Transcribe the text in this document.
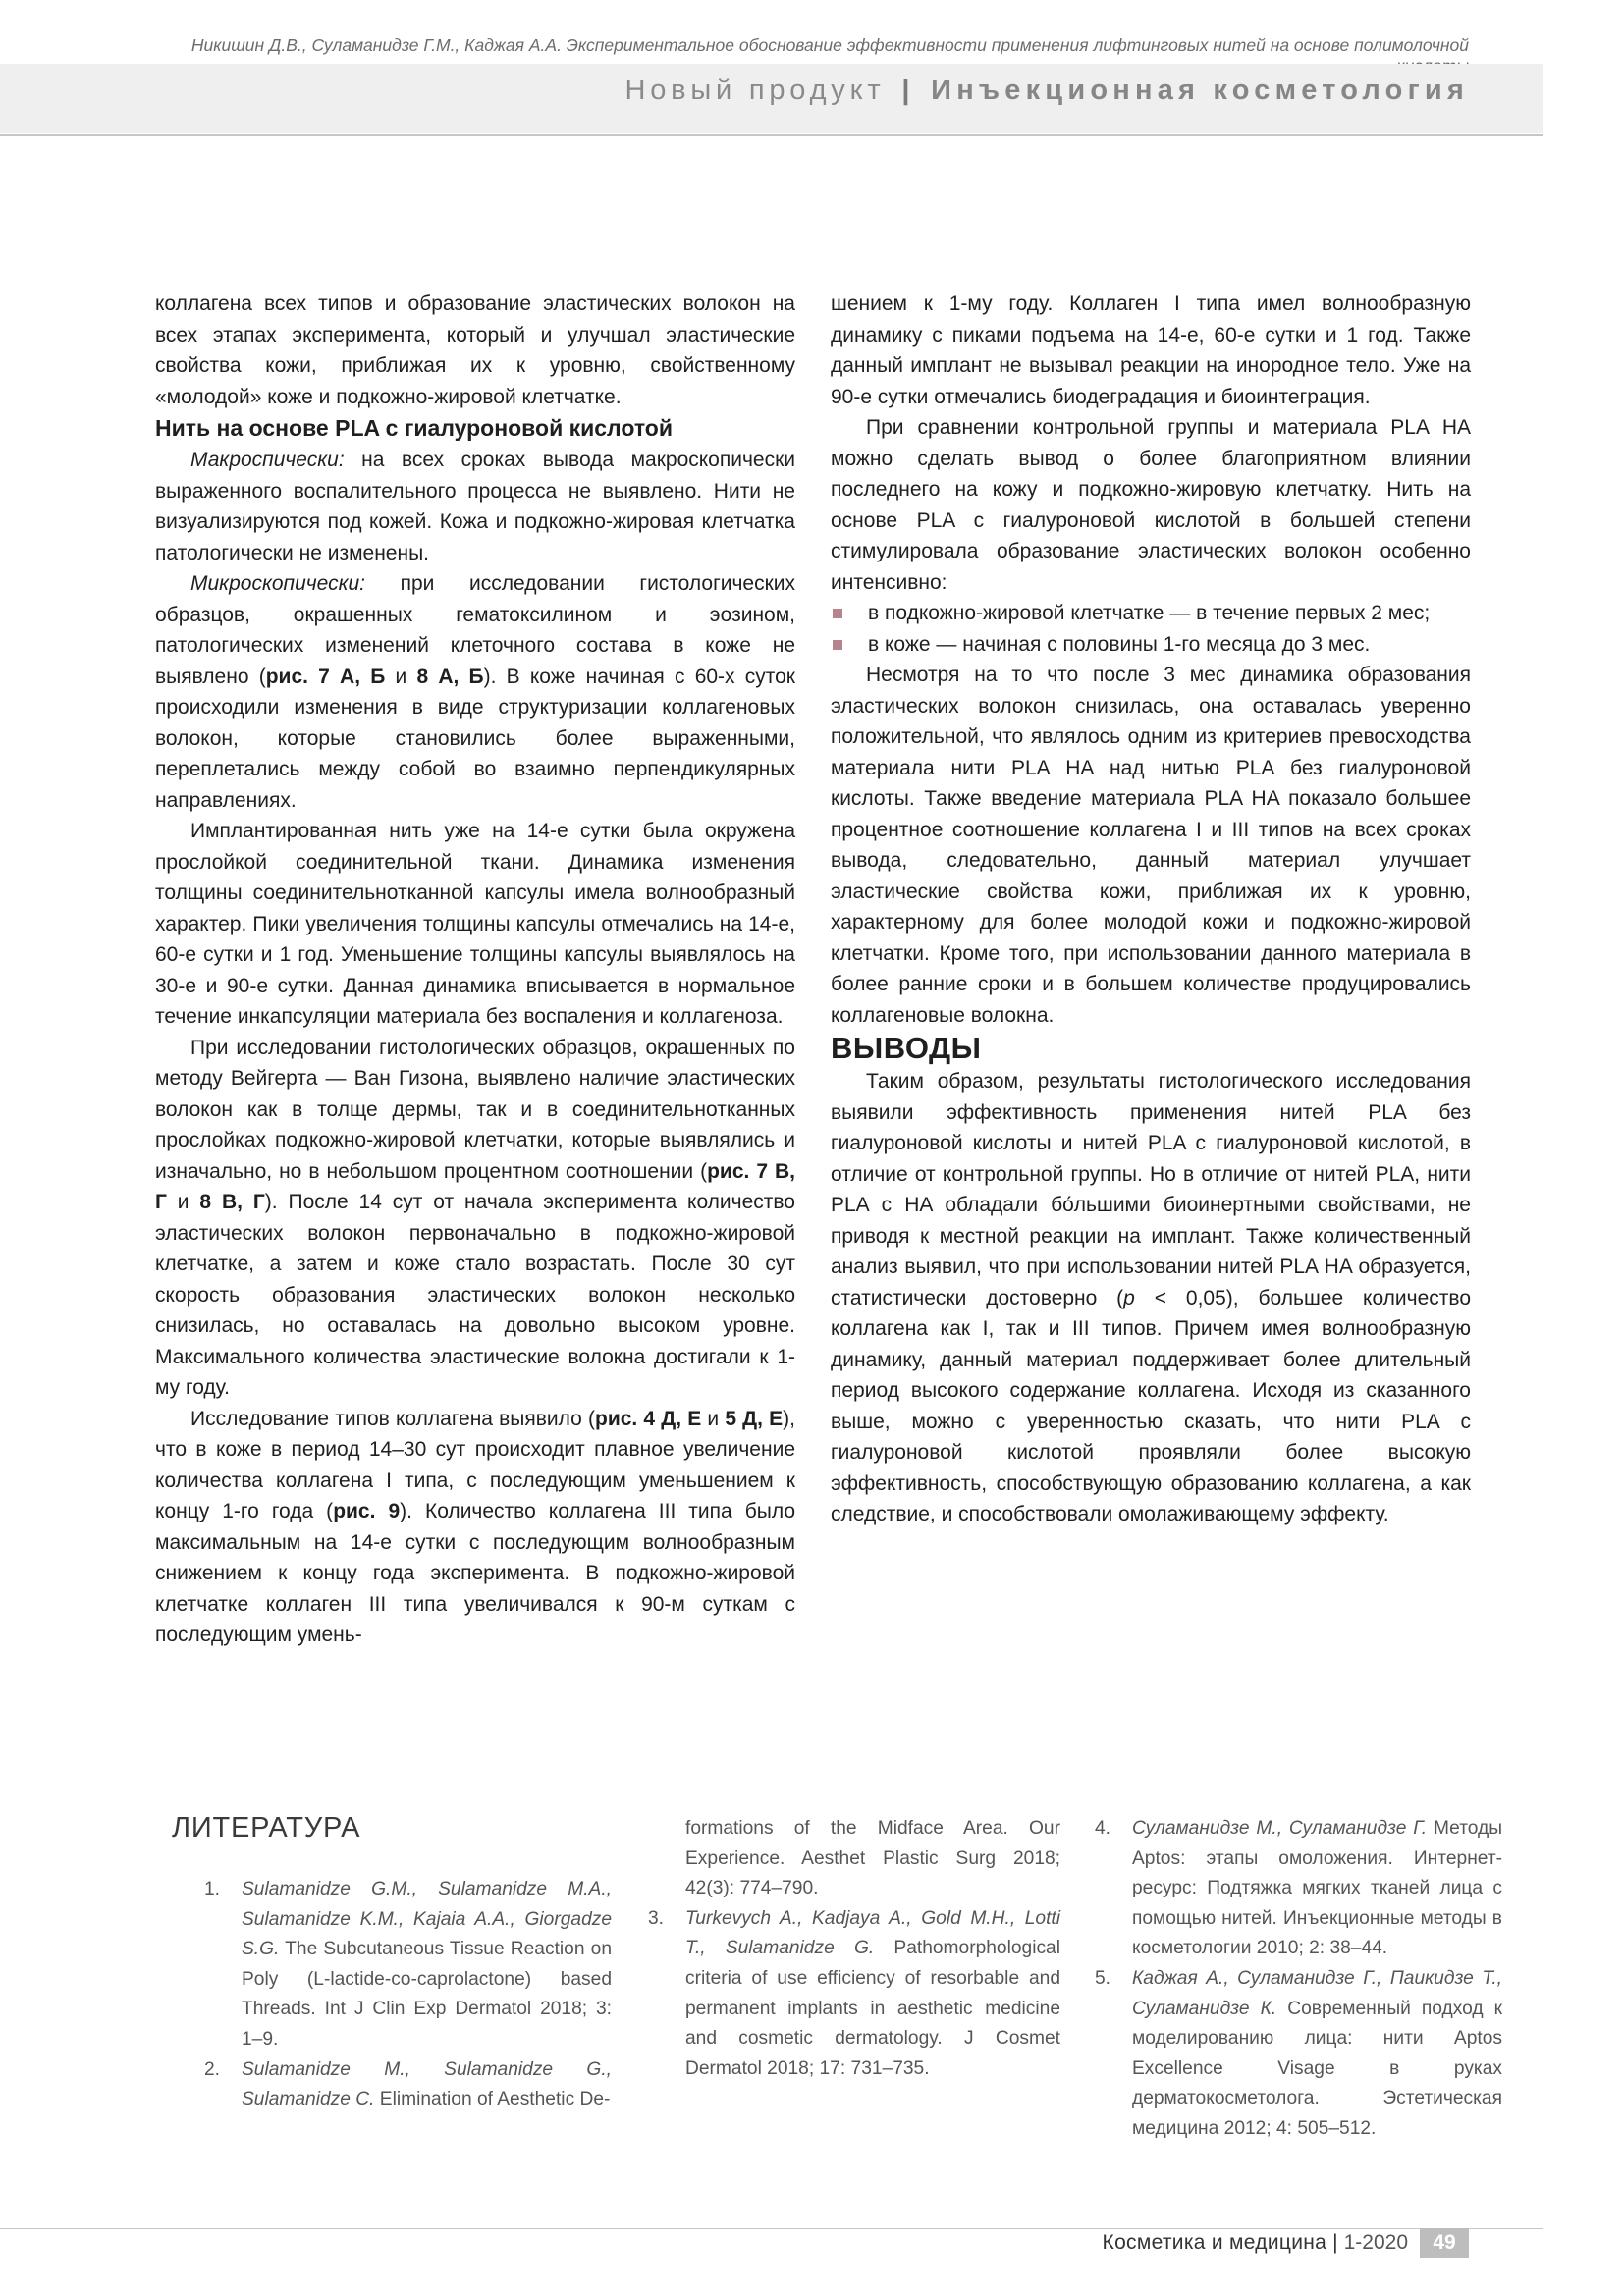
Никишин Д.В., Суламанидзе Г.М., Каджая А.А. Экспериментальное обоснование эффективности применения лифтинговых нитей на основе полимолочной
Новый продукт | Инъекционная косметология

коллагена всех типов и образование эластических волокон на всех этапах эксперимента, который и улучшал эластические свойства кожи, приближая их к уровню, свойственному «молодой» коже и подкожно-жировой клетчатке.

Нить на основе PLA с гиалуроновой кислотой

Макроспически: на всех сроках вывода макроскопически выраженного воспалительного процесса не выявлено. Нити не визуализируются под кожей. Кожа и подкожно-жировая клетчатка патологически не изменены.

Микроскопически: при исследовании гистологических образцов, окрашенных гематоксилином и эозином, патологических изменений клеточного состава в коже не выявлено (рис. 7 А, Б и 8 А, Б). В коже начиная с 60-х суток происходили изменения в виде структуризации коллагеновых волокон, которые становились более выраженными, переплетались между собой во взаимно перпендикулярных направлениях.

Имплантированная нить уже на 14-е сутки была окружена прослойкой соединительной ткани. Динамика изменения толщины соединительнотканной капсулы имела волнообразный характер. Пики увеличения толщины капсулы отмечались на 14-е, 60-е сутки и 1 год. Уменьшение толщины капсулы выявлялось на 30-е и 90-е сутки. Данная динамика вписывается в нормальное течение инкапсуляции материала без воспаления и коллагеноза.

При исследовании гистологических образцов, окрашенных по методу Вейгерта — Ван Гизона, выявлено наличие эластических волокон как в толще дермы, так и в соединительнотканных прослойках подкожно-жировой клетчатки, которые выявлялись и изначально, но в небольшом процентном соотношении (рис. 7 В, Г и 8 В, Г). После 14 сут от начала эксперимента количество эластических волокон первоначально в подкожно-жировой клетчатке, а затем и коже стало возрастать. После 30 сут скорость образования эластических волокон несколько снизилась, но оставалась на довольно высоком уровне. Максимального количества эластические волокна достигали к 1-му году.

Исследование типов коллагена выявило (рис. 4 Д, Е и 5 Д, Е), что в коже в период 14–30 сут происходит плавное увеличение количества коллагена I типа, с последующим уменьшением к концу 1-го года (рис. 9). Количество коллагена III типа было максимальным на 14-е сутки с последующим волнообразным снижением к концу года эксперимента. В подкожно-жировой клетчатке коллаген III типа увеличивался к 90-м суткам с последующим умень-

шением к 1-му году. Коллаген I типа имел волнообразную динамику с пиками подъема на 14-е, 60-е сутки и 1 год. Также данный имплант не вызывал реакции на инородное тело. Уже на 90-е сутки отмечались биодеградация и биоинтеграция.

При сравнении контрольной группы и материала PLA HA можно сделать вывод о более благоприятном влиянии последнего на кожу и подкожно-жировую клетчатку. Нить на основе PLA с гиалуроновой кислотой в большей степени стимулировала образование эластических волокон особенно интенсивно:

в подкожно-жировой клетчатке — в течение первых 2 мес;
в коже — начиная с половины 1-го месяца до 3 мес.

Несмотря на то что после 3 мес динамика образования эластических волокон снизилась, она оставалась уверенно положительной, что являлось одним из критериев превосходства материала нити PLA HA над нитью PLA без гиалуроновой кислоты. Также введение материала PLA HA показало большее процентное соотношение коллагена I и III типов на всех сроках вывода, следовательно, данный материал улучшает эластические свойства кожи, приближая их к уровню, характерному для более молодой кожи и подкожно-жировой клетчатки. Кроме того, при использовании данного материала в более ранние сроки и в большем количестве продуцировались коллагеновые волокна.

ВЫВОДЫ

Таким образом, результаты гистологического исследования выявили эффективность применения нитей PLA без гиалуроновой кислоты и нитей PLA с гиалуроновой кислотой, в отличие от контрольной группы. Но в отличие от нитей PLA, нити PLA с HA обладали бо́льшими биоинертными свойствами, не приводя к местной реакции на имплант. Также количественный анализ выявил, что при использовании нитей PLA HA образуется, статистически достоверно (p < 0,05), большее количество коллагена как I, так и III типов. Причем имея волнообразную динамику, данный материал поддерживает более длительный период высокого содержание коллагена. Исходя из сказанного выше, можно с уверенностью сказать, что нити PLA с гиалуроновой кислотой проявляли более высокую эффективность, способствующую образованию коллагена, а как следствие, и способствовали омолаживающему эффекту.

ЛИТЕРАТУРА
1. Sulamanidze G.M., Sulamanidze M.A., Sulamanidze K.M., Kajaia A.A., Giorgadze S.G. The Subcutaneous Tissue Reaction on Poly (L-lactide-co-caprolactone) based Threads. Int J Clin Exp Dermatol 2018; 3: 1–9.
2. Sulamanidze M., Sulamanidze G., Sulamanidze C. Elimination of Aesthetic De-
formations of the Midface Area. Our Experience. Aesthet Plastic Surg 2018; 42(3): 774–790.
3. Turkevych A., Kadjaya A., Gold M.H., Lotti T., Sulamanidze G. Pathomorphological criteria of use efficiency of resorbable and permanent implants in aesthetic medicine and cosmetic dermatology. J Cosmet Dermatol 2018; 17: 731–735.
4. Суламанидзе М., Суламанидзе Г. Методы Aptos: этапы омоложения. Интернет-ресурс: Подтяжка мягких тканей лица с помощью нитей. Инъекционные методы в косметологии 2010; 2: 38–44.
5. Каджая А., Суламанидзе Г., Паикидзе Т., Суламанидзе К. Современный подход к моделированию лица: нити Aptos Excellence Visage в руках дерматокосметолога. Эстетическая медицина 2012; 4: 505–512.
Косметика и медицина | 1-2020	49
